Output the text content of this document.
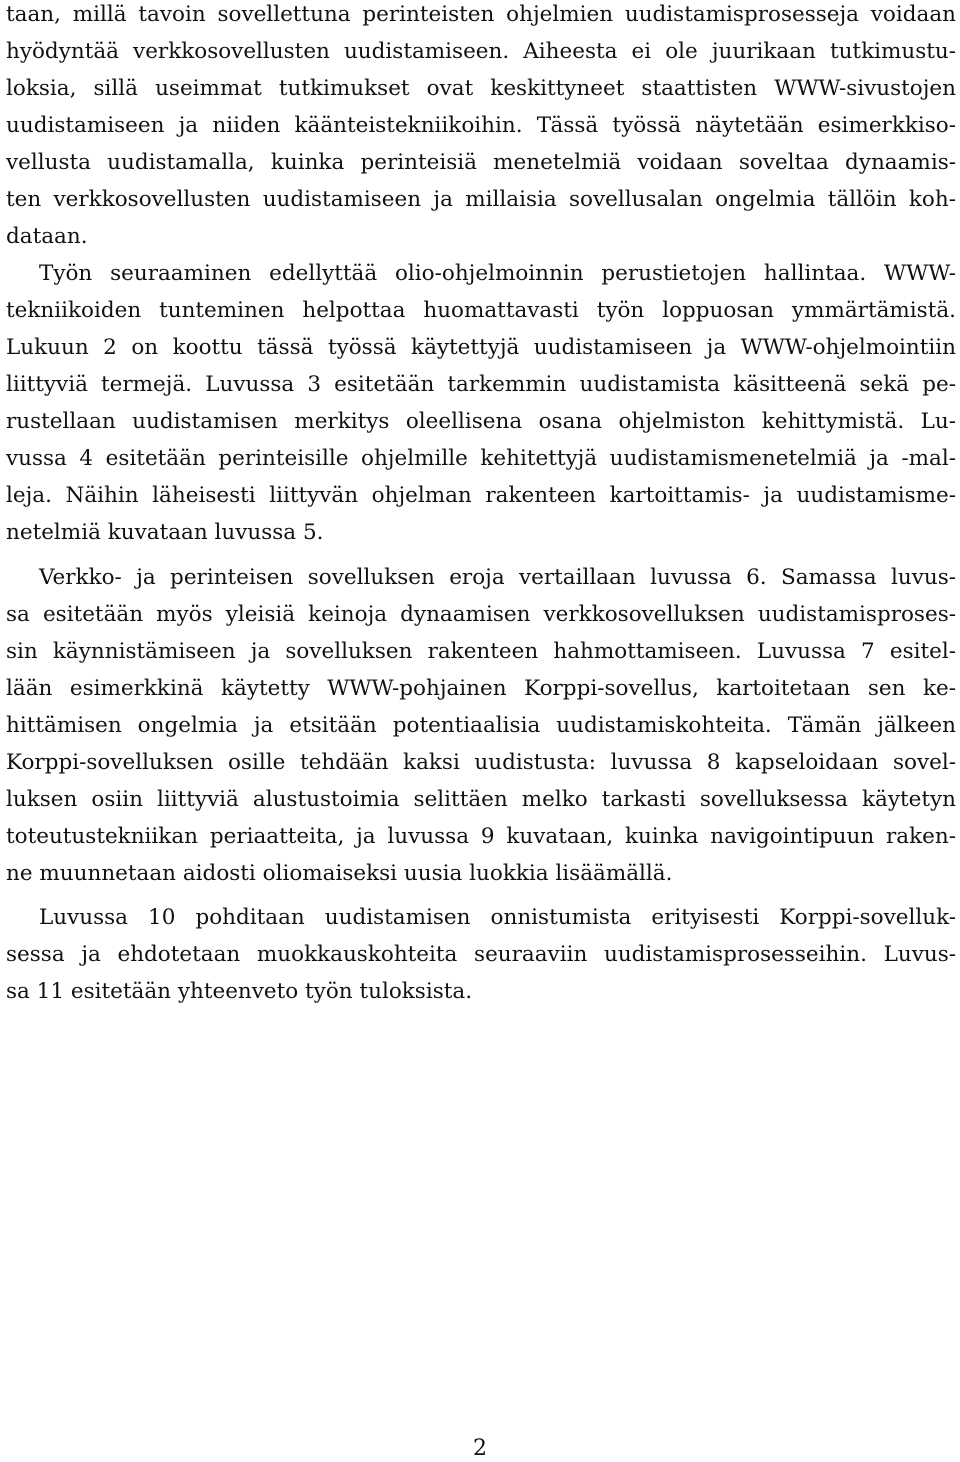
taan, millä tavoin sovellettuna perinteisten ohjelmien uudistamisprosesseja voidaan
hyödyntää verkkosovellusten uudistamiseen. Aiheesta ei ole juurikaan tutkimustu-
loksia, sillä useimmat tutkimukset ovat keskittyneet staattisten WWW-sivustojen
uudistamiseen ja niiden käänteistekniikoihin. Tässä työssä näytetään esimerkkiso-
vellusta uudistamalla, kuinka perinteisiä menetelmiä voidaan soveltaa dynaamis-
ten verkkosovellusten uudistamiseen ja millaisia sovellusalan ongelmia tällöin koh-
dataan.
Työn seuraaminen edellyttää olio-ohjelmoinnin perustietojen hallintaa. WWW-
tekniikoiden tunteminen helpottaa huomattavasti työn loppuosan ymmärtämistä.
Lukuun 2 on koottu tässä työssä käytettyjä uudistamiseen ja WWW-ohjelmointiin
liittyviä termejä. Luvussa 3 esitetään tarkemmin uudistamista käsitteenä sekä pe-
rustellaan uudistamisen merkitys oleellisena osana ohjelmiston kehittymistä. Lu-
vussa 4 esitetään perinteisille ohjelmille kehitettyjä uudistamismenetelmiä ja -mal-
leja. Näihin läheisesti liittyvän ohjelman rakenteen kartoittamis- ja uudistamisme-
netelmiä kuvataan luvussa 5.
Verkko- ja perinteisen sovelluksen eroja vertaillaan luvussa 6. Samassa luvus-
sa esitetään myös yleisiä keinoja dynaamisen verkkosovelluksen uudistamisproses-
sin käynnistämiseen ja sovelluksen rakenteen hahmottamiseen. Luvussa 7 esitel-
lään esimerkkinä käytetty WWW-pohjainen Korppi-sovellus, kartoitetaan sen ke-
hittämisen ongelmia ja etsitään potentiaalisia uudistamiskohteita. Tämän jälkeen
Korppi-sovelluksen osille tehdään kaksi uudistusta: luvussa 8 kapseloidaan sovel-
luksen osiin liittyviä alustustoimia selittäen melko tarkasti sovelluksessa käytetyn
toteutustekniikan periaatteita, ja luvussa 9 kuvataan, kuinka navigointipuun raken-
ne muunnetaan aidosti oliomaiseksi uusia luokkia lisäämällä.
Luvussa 10 pohditaan uudistamisen onnistumista erityisesti Korppi-sovelluk-
sessa ja ehdotetaan muokkauskohteita seuraaviin uudistamisprosesseihin. Luvus-
sa 11 esitetään yhteenveto työn tuloksista.
2
